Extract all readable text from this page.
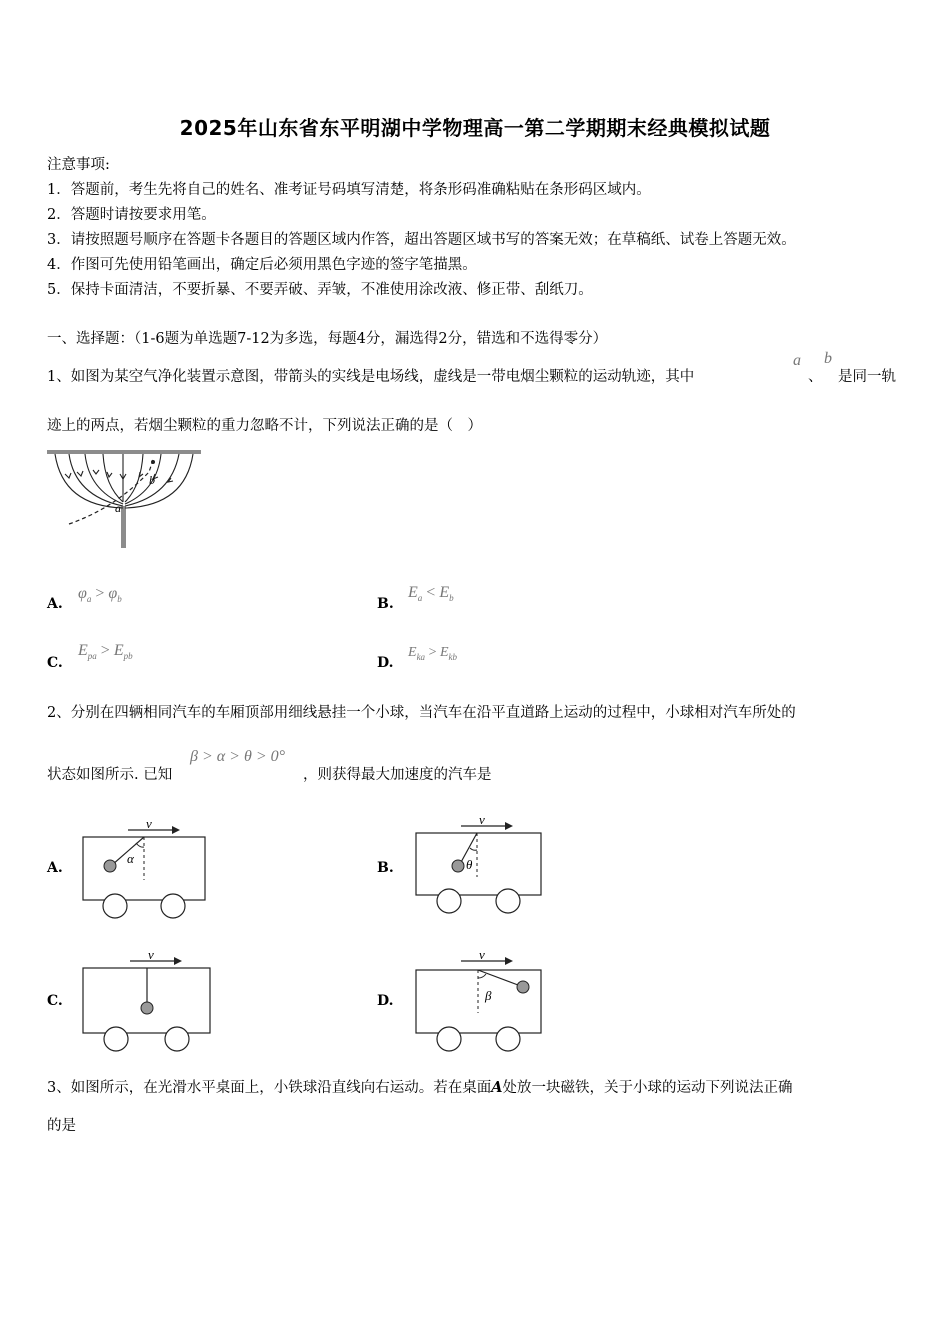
2025年山东省东平明湖中学物理高一第二学期期末经典模拟试题
注意事项:
1．答题前，考生先将自己的姓名、准考证号码填写清楚，将条形码准确粘贴在条形码区域内。
2．答题时请按要求用笔。
3．请按照题号顺序在答题卡各题目的答题区域内作答，超出答题区域书写的答案无效；在草稿纸、试卷上答题无效。
4．作图可先使用铅笔画出，确定后必须用黑色字迹的签字笔描黑。
5．保持卡面清洁，不要折暴、不要弄破、弄皱，不准使用涂改液、修正带、刮纸刀。
一、选择题：（1-6题为单选题7-12为多选，每题4分，漏选得2分，错选和不选得零分）
1、如图为某空气净化装置示意图，带箭头的实线是电场线，虚线是一带电烟尘颗粒的运动轨迹，其中
a
、
b
是同一轨
迹上的两点，若烟尘颗粒的重力忽略不计，下列说法正确的是（　）
a
b
A.
$\varphi_a > \varphi_b$	B.
$E_a < E_b$
C.
$E_{pa} > E_{pb}$	D.
$E_{ka} > E_{kb}$
2、分别在四辆相同汽车的车厢顶部用细线悬挂一个小球，当汽车在沿平直道路上运动的过程中，小球相对汽车所处的
状态如图所示. 已知
β > α > θ > 0°
，则获得最大加速度的汽车是
A.
v
α
B.
v
θ
C.
v
D.
v
β
3、如图所示，在光滑水平桌面上，小铁球沿直线向右运动。若在桌面A处放一块磁铁，关于小球的运动下列说法正确
的是
